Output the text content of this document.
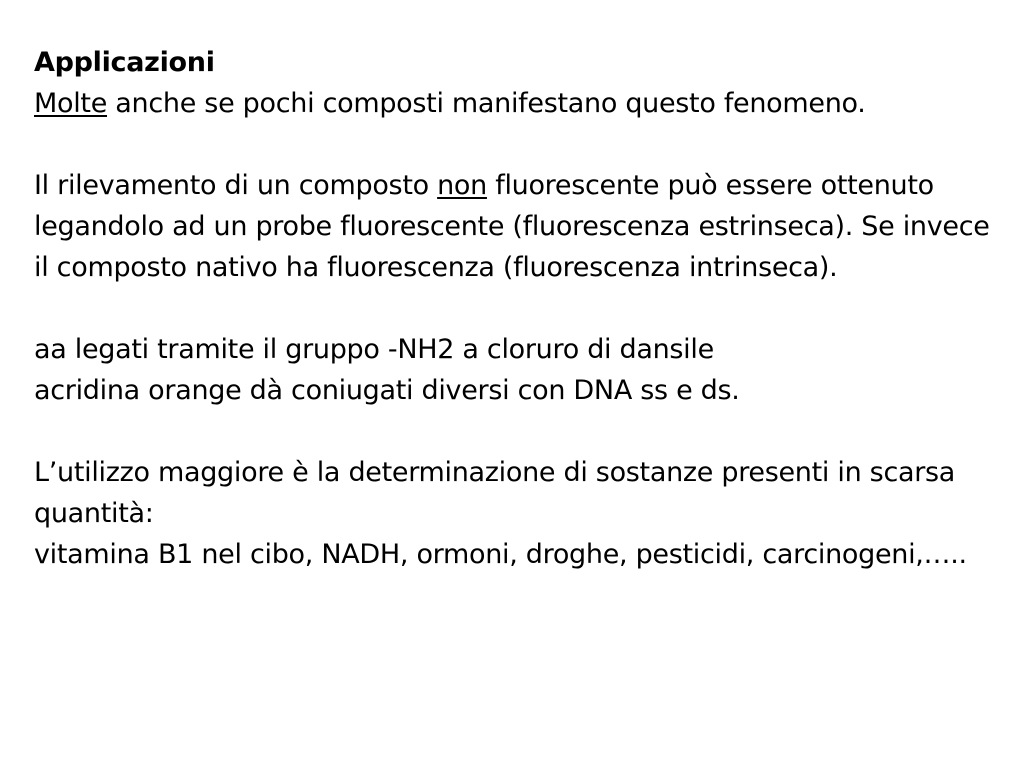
Applicazioni

Molte anche se pochi composti manifestano questo fenomeno.

Il rilevamento di un composto non fluorescente può essere ottenuto legandolo ad un probe fluorescente (fluorescenza estrinseca). Se invece il composto nativo ha fluorescenza (fluorescenza intrinseca).

aa legati tramite il gruppo -NH2 a cloruro di dansile

acridina orange dà coniugati diversi con DNA ss e ds.

L’utilizzo maggiore è la determinazione di sostanze presenti in scarsa quantità:

vitamina B1 nel cibo, NADH, ormoni, droghe, pesticidi, carcinogeni,…..
